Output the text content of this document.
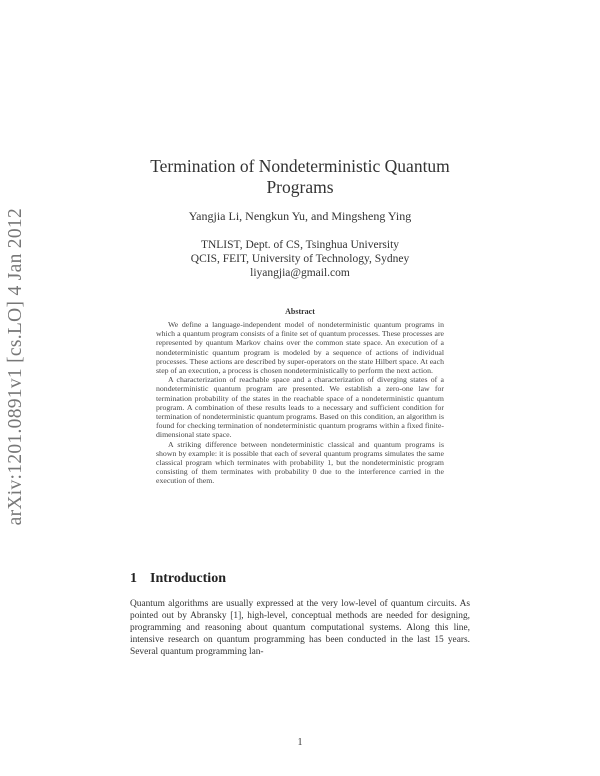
arXiv:1201.0891v1 [cs.LO] 4 Jan 2012
Termination of Nondeterministic Quantum
Programs
Yangjia Li, Nengkun Yu, and Mingsheng Ying
TNLIST, Dept. of CS, Tsinghua University
QCIS, FEIT, University of Technology, Sydney
liyangjia@gmail.com
Abstract

We define a language-independent model of nondeterministic quantum programs in which a quantum program consists of a finite set of quantum processes. These processes are represented by quantum Markov chains over the common state space. An execution of a nondeterministic quantum program is modeled by a sequence of actions of individual processes. These actions are described by super-operators on the state Hilbert space. At each step of an execution, a process is chosen nondeterministically to perform the next action.

A characterization of reachable space and a characterization of diverging states of a nondeterministic quantum program are presented. We establish a zero-one law for termination probability of the states in the reachable space of a nondeterministic quantum program. A combination of these results leads to a necessary and sufficient condition for termination of nondeterministic quantum programs. Based on this condition, an algorithm is found for checking termination of nondeterministic quantum programs within a fixed finite-dimensional state space.

A striking difference between nondeterministic classical and quantum programs is shown by example: it is possible that each of several quantum programs simulates the same classical program which terminates with probability 1, but the nondeterministic program consisting of them terminates with probability 0 due to the interference carried in the execution of them.

1 Introduction

Quantum algorithms are usually expressed at the very low-level of quantum circuits. As pointed out by Abransky [1], high-level, conceptual methods are needed for designing, programming and reasoning about quantum computational systems. Along this line, intensive research on quantum programming has been conducted in the last 15 years. Several quantum programming lan-

1
